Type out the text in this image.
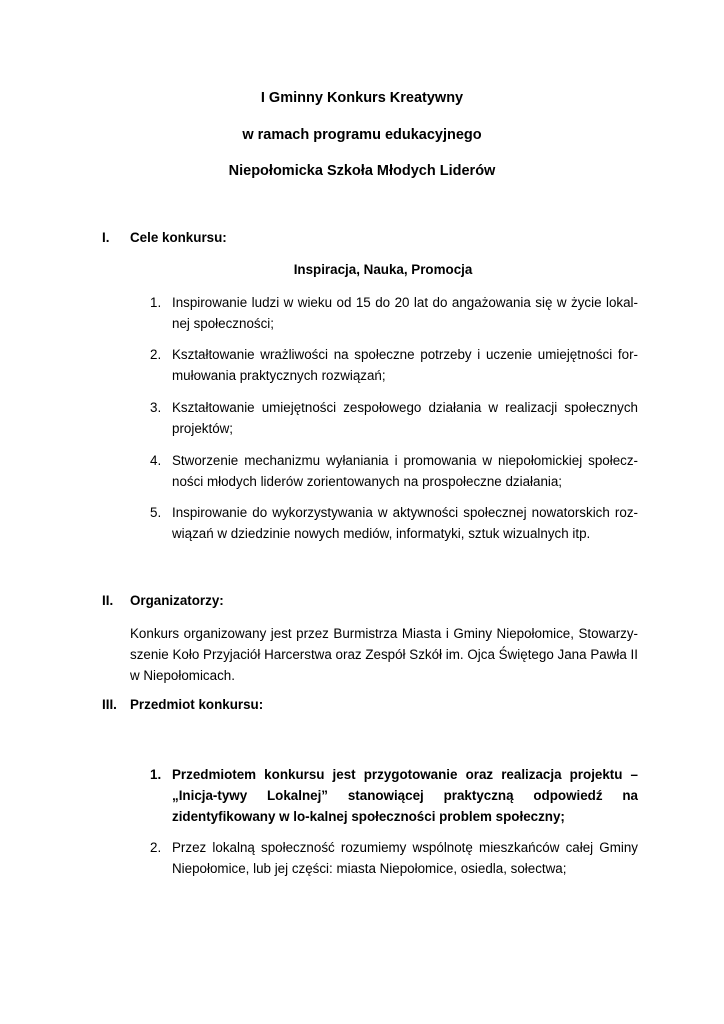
I Gminny Konkurs Kreatywny
w ramach programu edukacyjnego
Niepołomicka Szkoła Młodych Liderów
I. Cele konkursu:
Inspiracja, Nauka, Promocja
1. Inspirowanie ludzi w wieku od 15 do 20 lat do angażowania się w życie lokal-nej społeczności;
2. Kształtowanie wrażliwości na społeczne potrzeby i uczenie umiejętności for-mułowania praktycznych rozwiązań;
3. Kształtowanie umiejętności zespołowego działania w realizacji społecznych projektów;
4. Stworzenie mechanizmu wyłaniania i promowania w niepołomickiej społecz-ności młodych liderów zorientowanych na prospołeczne działania;
5. Inspirowanie do wykorzystywania w aktywności społecznej nowatorskich roz-wiązań w dziedzinie nowych mediów, informatyki, sztuk wizualnych itp.
II. Organizatorzy:
Konkurs organizowany jest przez Burmistrza Miasta i Gminy Niepołomice, Stowarzy-szenie Koło Przyjaciół Harcerstwa oraz Zespół Szkół im. Ojca Świętego Jana Pawła II w Niepołomicach.
III. Przedmiot konkursu:
1. Przedmiotem konkursu jest przygotowanie oraz realizacja projektu – „Inicja-tywy Lokalnej” stanowiącej praktyczną odpowiedź na zidentyfikowany w lo-kalnej społeczności problem społeczny;
2. Przez lokalną społeczność rozumiemy wspólnotę mieszkańców całej Gminy Niepołomice, lub jej części: miasta Niepołomice, osiedla, sołectwa;
